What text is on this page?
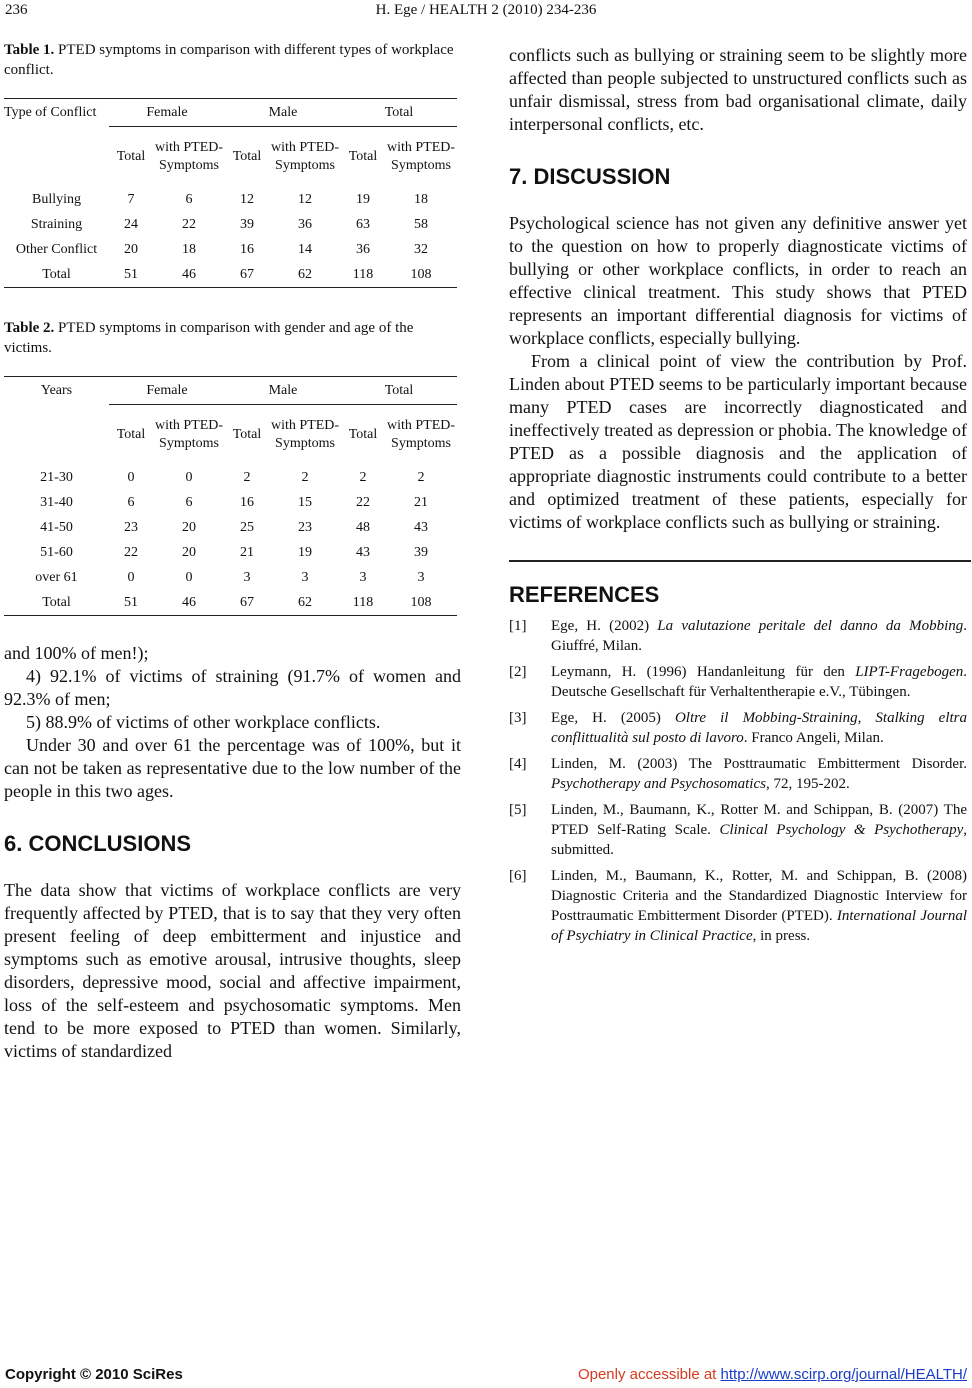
236	H. Ege / HEALTH 2 (2010) 234-236

Table 1. PTED symptoms in comparison with different types of workplace conflict.

Type of Conflict	Female		Male		Total	
	Total	with PTED-Symptoms	Total	with PTED-Symptoms	Total	with PTED-Symptoms
Bullying	7	6	12	12	19	18
Straining	24	22	39	36	63	58
Other Conflict	20	18	16	14	36	32
Total	51	46	67	62	118	108

Table 2. PTED symptoms in comparison with gender and age of the victims.

Years	Female		Male		Total	
	Total	with PTED-Symptoms	Total	with PTED-Symptoms	Total	with PTED-Symptoms
21-30	0	0	2	2	2	2
31-40	6	6	16	15	22	21
41-50	23	20	25	23	48	43
51-60	22	20	21	19	43	39
over 61	0	0	3	3	3	3
Total	51	46	67	62	118	108

and 100% of men!);

4) 92.1% of victims of straining (91.7% of women and 92.3% of men;

5) 88.9% of victims of other workplace conflicts.

Under 30 and over 61 the percentage was of 100%, but it can not be taken as representative due to the low number of the people in this two ages.

6. CONCLUSIONS

The data show that victims of workplace conflicts are very frequently affected by PTED, that is to say that they very often present feeling of deep embitterment and injustice and symptoms such as emotive arousal, intrusive thoughts, sleep disorders, depressive mood, social and affective impairment, loss of the self-esteem and psychosomatic symptoms. Men tend to be more exposed to PTED than women. Similarly, victims of standardized

conflicts such as bullying or straining seem to be slightly more affected than people subjected to unstructured conflicts such as unfair dismissal, stress from bad organisational climate, daily interpersonal conflicts, etc.

7. DISCUSSION

Psychological science has not given any definitive answer yet to the question on how to properly diagnosticate victims of bullying or other workplace conflicts, in order to reach an effective clinical treatment. This study shows that PTED represents an important differential diagnosis for victims of workplace conflicts, especially bullying.

From a clinical point of view the contribution by Prof. Linden about PTED seems to be particularly important because many PTED cases are incorrectly diagnosticated and ineffectively treated as depression or phobia. The knowledge of PTED as a possible diagnosis and the application of appropriate diagnostic instruments could contribute to a better and optimized treatment of these patients, especially for victims of workplace conflicts such as bullying or straining.

REFERENCES
[1]	Ege, H. (2002) La valutazione peritale del danno da Mobbing. Giuffré, Milan.
[2]	Leymann, H. (1996) Handanleitung für den LIPT-Fragebogen. Deutsche Gesellschaft für Verhaltentherapie e.V., Tübingen.
[3]	Ege, H. (2005) Oltre il Mobbing-Straining, Stalking eltra conflittualità sul posto di lavoro. Franco Angeli, Milan.
[4]	Linden, M. (2003) The Posttraumatic Embitterment Disorder. Psychotherapy and Psychosomatics, 72, 195-202.
[5]	Linden, M., Baumann, K., Rotter M. and Schippan, B. (2007) The PTED Self-Rating Scale. Clinical Psychology & Psychotherapy, submitted.
[6]	Linden, M., Baumann, K., Rotter, M. and Schippan, B. (2008) Diagnostic Criteria and the Standardized Diagnostic Interview for Posttraumatic Embitterment Disorder (PTED). International Journal of Psychiatry in Clinical Practice, in press.
Copyright © 2010 SciRes	Openly accessible at http://www.scirp.org/journal/HEALTH/
